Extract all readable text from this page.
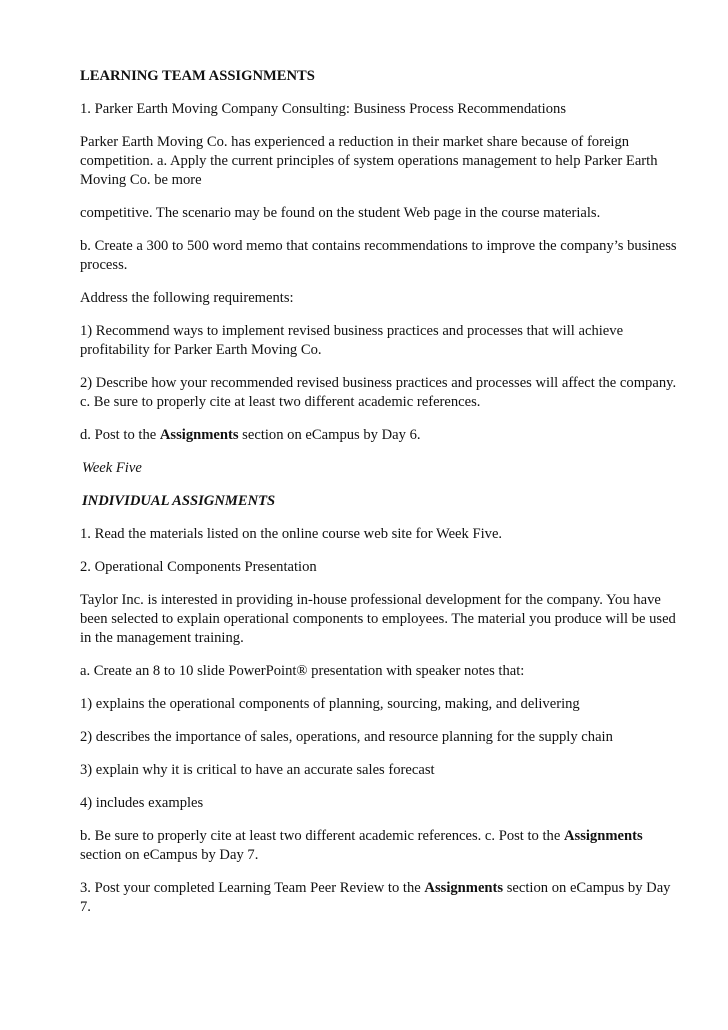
LEARNING TEAM ASSIGNMENTS

1. Parker Earth Moving Company Consulting: Business Process Recommendations

Parker Earth Moving Co. has experienced a reduction in their market share because of foreign competition. a. Apply the current principles of system operations management to help Parker Earth Moving Co. be more

competitive. The scenario may be found on the student Web page in the course materials.

b. Create a 300 to 500 word memo that contains recommendations to improve the company’s business process.

Address the following requirements:

1) Recommend ways to implement revised business practices and processes that will achieve profitability for Parker Earth Moving Co.

2) Describe how your recommended revised business practices and processes will affect the company. c. Be sure to properly cite at least two different academic references.

d. Post to the Assignments section on eCampus by Day 6.

Week Five

INDIVIDUAL ASSIGNMENTS

1. Read the materials listed on the online course web site for Week Five.

2. Operational Components Presentation

Taylor Inc. is interested in providing in-house professional development for the company. You have been selected to explain operational components to employees. The material you produce will be used in the management training.

a. Create an 8 to 10 slide PowerPoint® presentation with speaker notes that:

1) explains the operational components of planning, sourcing, making, and delivering

2) describes the importance of sales, operations, and resource planning for the supply chain

3) explain why it is critical to have an accurate sales forecast

4) includes examples

b. Be sure to properly cite at least two different academic references. c. Post to the Assignments section on eCampus by Day 7.

3. Post your completed Learning Team Peer Review to the Assignments section on eCampus by Day 7.
